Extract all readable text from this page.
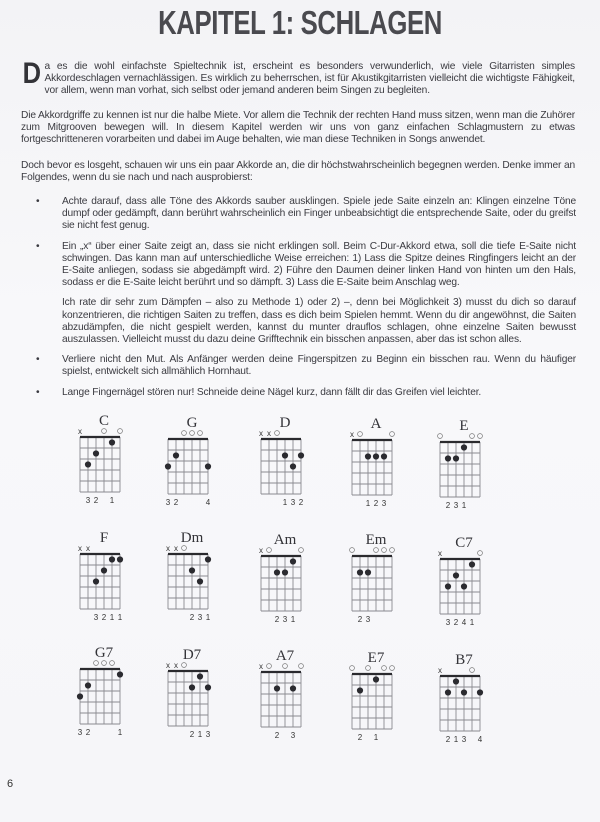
KAPITEL 1: SCHLAGEN
D a es die wohl einfachste Spieltechnik ist, erscheint es besonders verwunderlich, wie viele Gitarristen simples Akkordeschlagen vernachlässigen. Es wirklich zu beherrschen, ist für Akustikgitarristen vielleicht die wichtigste Fähigkeit, vor allem, wenn man vorhat, sich selbst oder jemand anderen beim Singen zu begleiten.

Die Akkordgriffe zu kennen ist nur die halbe Miete. Vor allem die Technik der rechten Hand muss sitzen, wenn man die Zuhörer zum Mitgrooven bewegen will. In diesem Kapitel werden wir uns von ganz einfachen Schlagmustern zu etwas fortgeschritteneren vorarbeiten und dabei im Auge behalten, wie man diese Techniken in Songs anwendet.

Doch bevor es losgeht, schauen wir uns ein paar Akkorde an, die dir höchstwahrscheinlich begegnen werden. Denke immer an Folgendes, wenn du sie nach und nach ausprobierst:

• Achte darauf, dass alle Töne des Akkords sauber ausklingen. Spiele jede Saite einzeln an: Klingen einzelne Töne dumpf oder gedämpft, dann berührt wahrscheinlich ein Finger unbeabsichtigt die entsprechende Saite, oder du greifst sie nicht fest genug.

• Ein „x“ über einer Saite zeigt an, dass sie nicht erklingen soll. Beim C-Dur-Akkord etwa, soll die tiefe E-Saite nicht schwingen. Das kann man auf unterschiedliche Weise erreichen: 1) Lass die Spitze deines Ringfingers leicht an der E-Saite anliegen, sodass sie abgedämpft wird. 2) Führe den Daumen deiner linken Hand von hinten um den Hals, sodass er die E-Saite leicht berührt und so dämpft. 3) Lass die E-Saite beim Anschlag weg.

Ich rate dir sehr zum Dämpfen – also zu Methode 1) oder 2) –, denn bei Möglichkeit 3) musst du dich so darauf konzentrieren, die richtigen Saiten zu treffen, dass es dich beim Spielen hemmt. Wenn du dir angewöhnst, die Saiten abzudämpfen, die nicht gespielt werden, kannst du munter drauflos schlagen, ohne einzelne Saiten bewusst auszulassen. Vielleicht musst du dazu deine Grifftechnik ein bisschen anpassen, aber das ist schon alles.

• Verliere nicht den Mut. Als Anfänger werden deine Fingerspitzen zu Beginn ein bisschen rau. Wenn du häufiger spielst, entwickelt sich allmählich Hornhaut.

• Lange Fingernägel stören nur! Schneide deine Nägel kurz, dann fällt dir das Greifen viel leichter.

C
x
3 2 1
G
3 2	4
D
x x
1 3 2
A
x
1 2 3
E
2 3 1
F
x x
3 2 1 1
Dm
x x
2 3 1
Am
x
2 3 1
Em
2 3
C7
x
3 2 4 1
G7
3 2	1
D7
x x
2 1 3
A7
x
2 3
E7
2 1
B7
x
2 1 3 4
6
